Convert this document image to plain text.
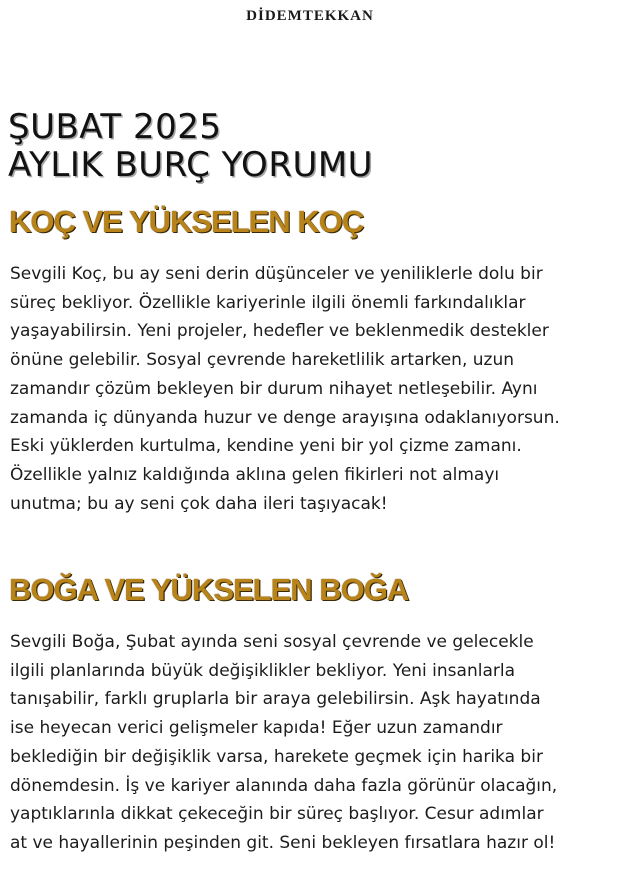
DİDEMTEKKAN
ŞUBAT 2025
AYLIK BURÇ YORUMU
KOÇ VE YÜKSELEN KOÇ
Sevgili Koç, bu ay seni derin düşünceler ve yeniliklerle dolu bir
süreç bekliyor. Özellikle kariyerinle ilgili önemli farkındalıklar
yaşayabilirsin. Yeni projeler, hedefler ve beklenmedik destekler
önüne gelebilir. Sosyal çevrende hareketlilik artarken, uzun
zamandır çözüm bekleyen bir durum nihayet netleşebilir. Aynı
zamanda iç dünyanda huzur ve denge arayışına odaklanıyorsun.
Eski yüklerden kurtulma, kendine yeni bir yol çizme zamanı.
Özellikle yalnız kaldığında aklına gelen fikirleri not almayı
unutma; bu ay seni çok daha ileri taşıyacak!
BOĞA VE YÜKSELEN BOĞA
Sevgili Boğa, Şubat ayında seni sosyal çevrende ve gelecekle
ilgili planlarında büyük değişiklikler bekliyor. Yeni insanlarla
tanışabilir, farklı gruplarla bir araya gelebilirsin. Aşk hayatında
ise heyecan verici gelişmeler kapıda! Eğer uzun zamandır
beklediğin bir değişiklik varsa, harekete geçmek için harika bir
dönemdesin. İş ve kariyer alanında daha fazla görünür olacağın,
yaptıklarınla dikkat çekeceğin bir süreç başlıyor. Cesur adımlar
at ve hayallerinin peşinden git. Seni bekleyen fırsatlara hazır ol!
